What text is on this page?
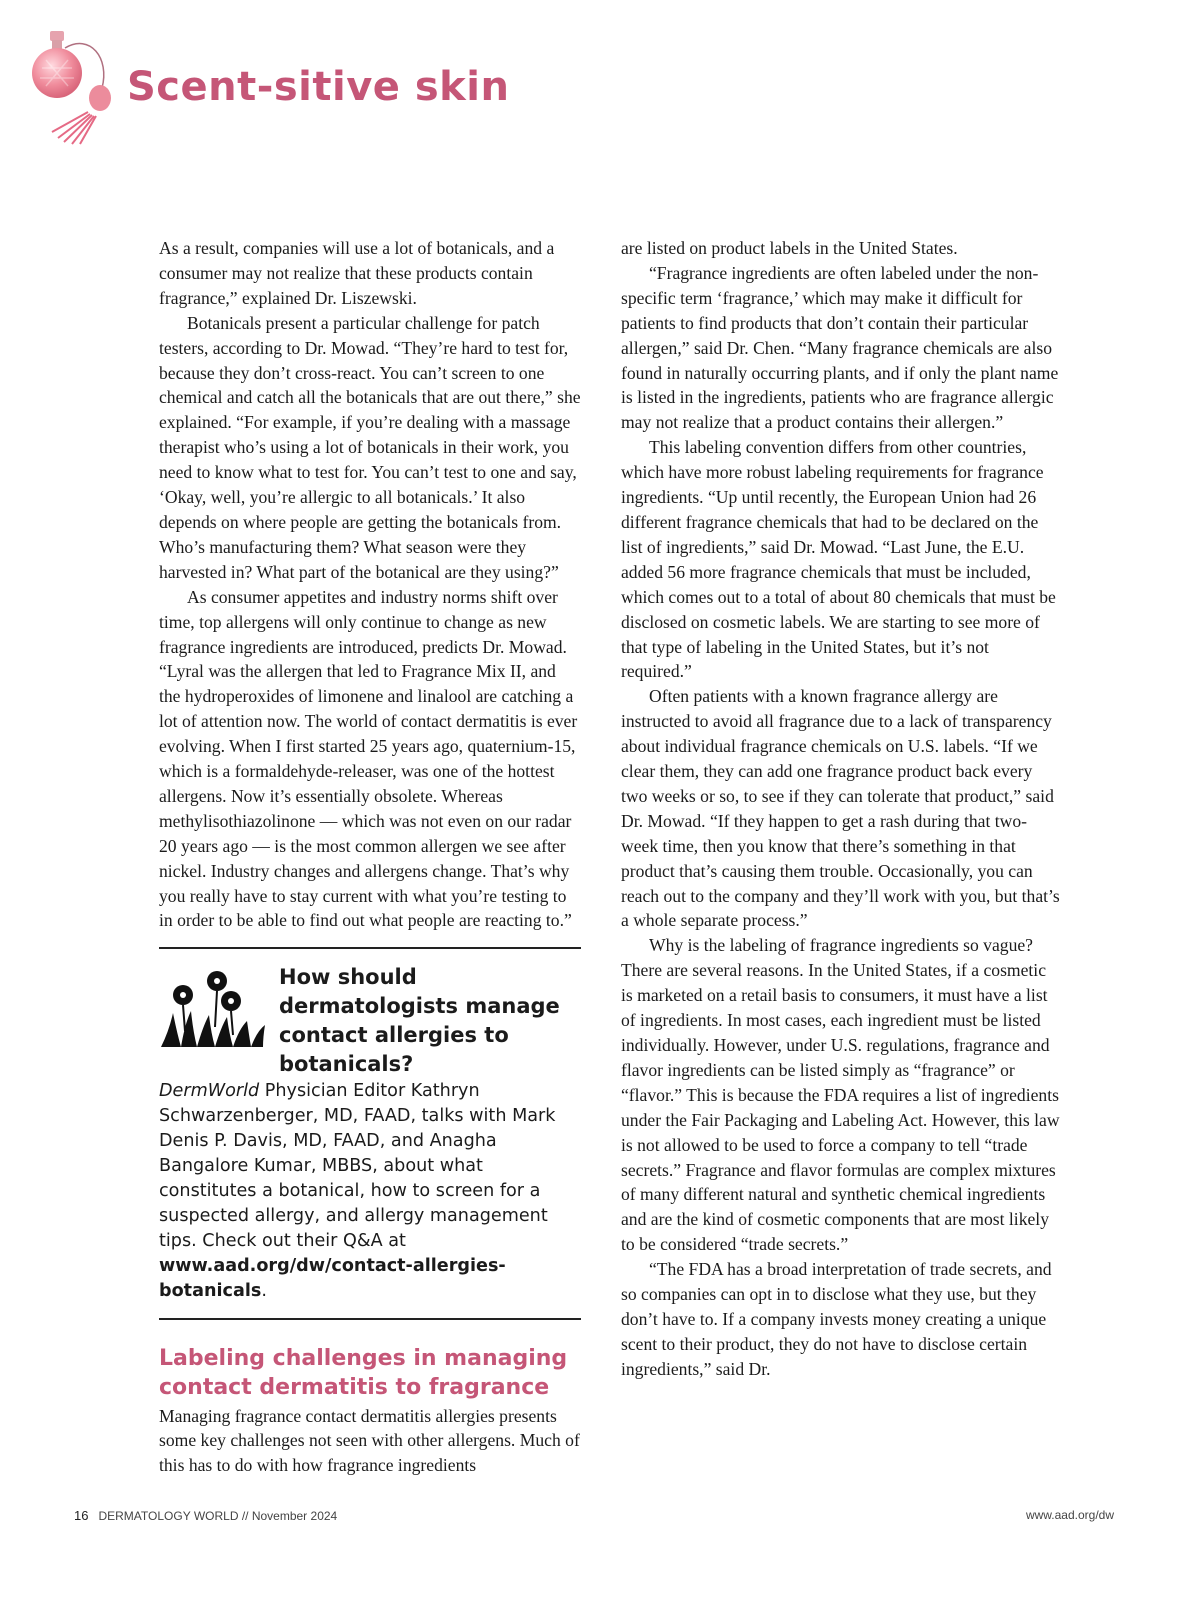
Scent-sitive skin

As a result, companies will use a lot of botanicals, and a consumer may not realize that these products contain fragrance,” explained Dr. Liszewski.

Botanicals present a particular challenge for patch testers, according to Dr. Mowad. “They’re hard to test for, because they don’t cross-react. You can’t screen to one chemical and catch all the botanicals that are out there,” she explained. “For example, if you’re dealing with a massage therapist who’s using a lot of botanicals in their work, you need to know what to test for. You can’t test to one and say, ‘Okay, well, you’re allergic to all botanicals.’ It also depends on where people are getting the botanicals from. Who’s manufacturing them? What season were they harvested in? What part of the botanical are they using?”

As consumer appetites and industry norms shift over time, top allergens will only continue to change as new fragrance ingredients are introduced, predicts Dr. Mowad. “Lyral was the allergen that led to Fragrance Mix II, and the hydroperoxides of limonene and linalool are catching a lot of attention now. The world of contact dermatitis is ever evolving. When I first started 25 years ago, quaternium-15, which is a formaldehyde-releaser, was one of the hottest allergens. Now it’s essentially obsolete. Whereas methylisothiazolinone — which was not even on our radar 20 years ago — is the most common allergen we see after nickel. Industry changes and allergens change. That’s why you really have to stay current with what you’re testing to in order to be able to find out what people are reacting to.”

How should dermatologists manage contact allergies to botanicals?

DermWorld Physician Editor Kathryn Schwarzenberger, MD, FAAD, talks with Mark Denis P. Davis, MD, FAAD, and Anagha Bangalore Kumar, MBBS, about what constitutes a botanical, how to screen for a suspected allergy, and allergy management tips. Check out their Q&A at www.aad.org/dw/contact-allergies-botanicals.

Labeling challenges in managing contact dermatitis to fragrance

Managing fragrance contact dermatitis allergies presents some key challenges not seen with other allergens. Much of this has to do with how fragrance ingredients

are listed on product labels in the United States.

“Fragrance ingredients are often labeled under the non-specific term ‘fragrance,’ which may make it difficult for patients to find products that don’t contain their particular allergen,” said Dr. Chen. “Many fragrance chemicals are also found in naturally occurring plants, and if only the plant name is listed in the ingredients, patients who are fragrance allergic may not realize that a product contains their allergen.”

This labeling convention differs from other countries, which have more robust labeling requirements for fragrance ingredients. “Up until recently, the European Union had 26 different fragrance chemicals that had to be declared on the list of ingredients,” said Dr. Mowad. “Last June, the E.U. added 56 more fragrance chemicals that must be included, which comes out to a total of about 80 chemicals that must be disclosed on cosmetic labels. We are starting to see more of that type of labeling in the United States, but it’s not required.”

Often patients with a known fragrance allergy are instructed to avoid all fragrance due to a lack of transparency about individual fragrance chemicals on U.S. labels. “If we clear them, they can add one fragrance product back every two weeks or so, to see if they can tolerate that product,” said Dr. Mowad. “If they happen to get a rash during that two-week time, then you know that there’s something in that product that’s causing them trouble. Occasionally, you can reach out to the company and they’ll work with you, but that’s a whole separate process.”

Why is the labeling of fragrance ingredients so vague? There are several reasons. In the United States, if a cosmetic is marketed on a retail basis to consumers, it must have a list of ingredients. In most cases, each ingredient must be listed individually. However, under U.S. regulations, fragrance and flavor ingredients can be listed simply as “fragrance” or “flavor.” This is because the FDA requires a list of ingredients under the Fair Packaging and Labeling Act. However, this law is not allowed to be used to force a company to tell “trade secrets.” Fragrance and flavor formulas are complex mixtures of many different natural and synthetic chemical ingredients and are the kind of cosmetic components that are most likely to be considered “trade secrets.”

“The FDA has a broad interpretation of trade secrets, and so companies can opt in to disclose what they use, but they don’t have to. If a company invests money creating a unique scent to their product, they do not have to disclose certain ingredients,” said Dr.

16 DERMATOLOGY WORLD // November 2024	www.aad.org/dw
